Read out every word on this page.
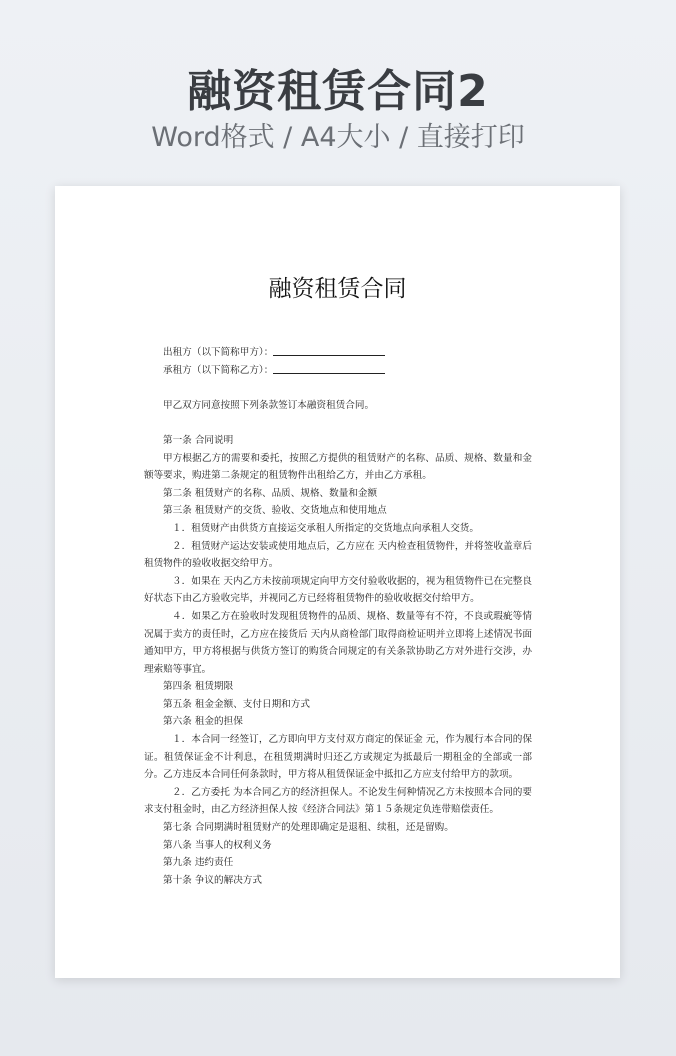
融资租赁合同2
Word格式 / A4大小 / 直接打印
融资租赁合同
出租方（以下简称甲方）：
承租方（以下简称乙方）：
甲乙双方同意按照下列条款签订本融资租赁合同。
第一条 合同说明
甲方根据乙方的需要和委托，按照乙方提供的租赁财产的名称、品质、规格、数量和金额等要求，购进第二条规定的租赁物件出租给乙方，并由乙方承租。
第二条 租赁财产的名称、品质、规格、数量和金额
第三条 租赁财产的交货、验收、交货地点和使用地点
１．租赁财产由供货方直接运交承租人所指定的交货地点向承租人交货。
２．租赁财产运达安装或使用地点后，乙方应在 天内检查租赁物件，并将签收盖章后租赁物件的验收收据交给甲方。
３．如果在 天内乙方未按前项规定向甲方交付验收收据的，视为租赁物件已在完整良好状态下由乙方验收完毕，并视同乙方已经将租赁物件的验收收据交付给甲方。
４．如果乙方在验收时发现租赁物件的品质、规格、数量等有不符，不良或瑕疵等情况属于卖方的责任时，乙方应在接货后 天内从商检部门取得商检证明并立即将上述情况书面通知甲方，甲方将根据与供货方签订的购货合同规定的有关条款协助乙方对外进行交涉，办理索赔等事宜。
第四条 租赁期限
第五条 租金金额、支付日期和方式
第六条 租金的担保
１．本合同一经签订，乙方即向甲方支付双方商定的保证金 元，作为履行本合同的保证。租赁保证金不计利息，在租赁期满时归还乙方或规定为抵最后一期租金的全部或一部分。乙方违反本合同任何条款时，甲方将从租赁保证金中抵扣乙方应支付给甲方的款项。
２．乙方委托 为本合同乙方的经济担保人。不论发生何种情况乙方未按照本合同的要求支付租金时，由乙方经济担保人按《经济合同法》第１５条规定负连带赔偿责任。
第七条 合同期满时租赁财产的处理即确定是退租、续租，还是留购。
第八条 当事人的权利义务
第九条 违约责任
第十条 争议的解决方式
